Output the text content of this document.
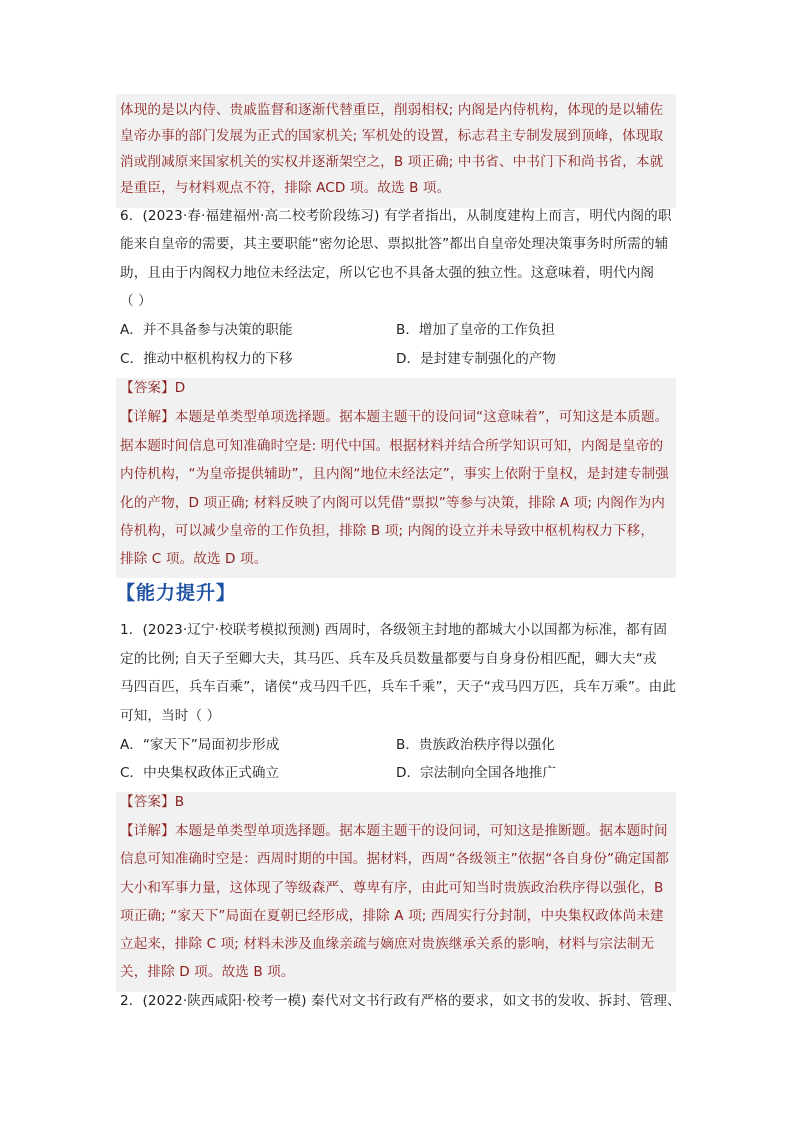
体现的是以内侍、贵戚监督和逐渐代替重臣，削弱相权; 内阁是内侍机构，体现的是以辅佐
皇帝办事的部门发展为正式的国家机关; 军机处的设置，标志君主专制发展到顶峰，体现取
消或削减原来国家机关的实权并逐渐架空之，B 项正确; 中书省、中书门下和尚书省，本就
是重臣，与材料观点不符，排除 ACD 项。故选 B 项。
6．(2023·春·福建福州·高二校考阶段练习) 有学者指出，从制度建构上而言，明代内阁的职
能来自皇帝的需要，其主要职能“密勿论思、票拟批答”都出自皇帝处理决策事务时所需的辅
助，且由于内阁权力地位未经法定，所以它也不具备太强的独立性。这意味着，明代内阁
（ ）
A．并不具备参与决策的职能	B．增加了皇帝的工作负担
C．推动中枢机构权力的下移	D．是封建专制强化的产物
【答案】D
【详解】本题是单类型单项选择题。据本题主题干的设问词“这意味着”，可知这是本质题。
据本题时间信息可知准确时空是: 明代中国。根据材料并结合所学知识可知，内阁是皇帝的
内侍机构，“为皇帝提供辅助”，且内阁“地位未经法定”，事实上依附于皇权，是封建专制强
化的产物，D 项正确; 材料反映了内阁可以凭借“票拟”等参与决策，排除 A 项; 内阁作为内
侍机构，可以减少皇帝的工作负担，排除 B 项; 内阁的设立并未导致中枢机构权力下移，
排除 C 项。故选 D 项。
【能力提升】
1．(2023·辽宁·校联考模拟预测) 西周时，各级领主封地的都城大小以国都为标准，都有固
定的比例; 自天子至卿大夫，其马匹、兵车及兵员数量都要与自身身份相匹配，卿大夫“戎
马四百匹，兵车百乘”，诸侯“戎马四千匹，兵车千乘”，天子“戎马四万匹，兵车万乘”。由此
可知，当时（ ）
A．“家天下”局面初步形成	B．贵族政治秩序得以强化
C．中央集权政体正式确立	D．宗法制向全国各地推广
【答案】B
【详解】本题是单类型单项选择题。据本题主题干的设问词，可知这是推断题。据本题时间
信息可知准确时空是：西周时期的中国。据材料，西周“各级领主”依据“各自身份”确定国都
大小和军事力量，这体现了等级森严、尊卑有序，由此可知当时贵族政治秩序得以强化，B
项正确; “家天下”局面在夏朝已经形成，排除 A 项; 西周实行分封制，中央集权政体尚未建
立起来，排除 C 项; 材料未涉及血缘亲疏与嫡庶对贵族继承关系的影响，材料与宗法制无
关，排除 D 项。故选 B 项。
2．(2022·陕西咸阳·校考一模) 秦代对文书行政有严格的要求，如文书的发收、拆封、管理、
